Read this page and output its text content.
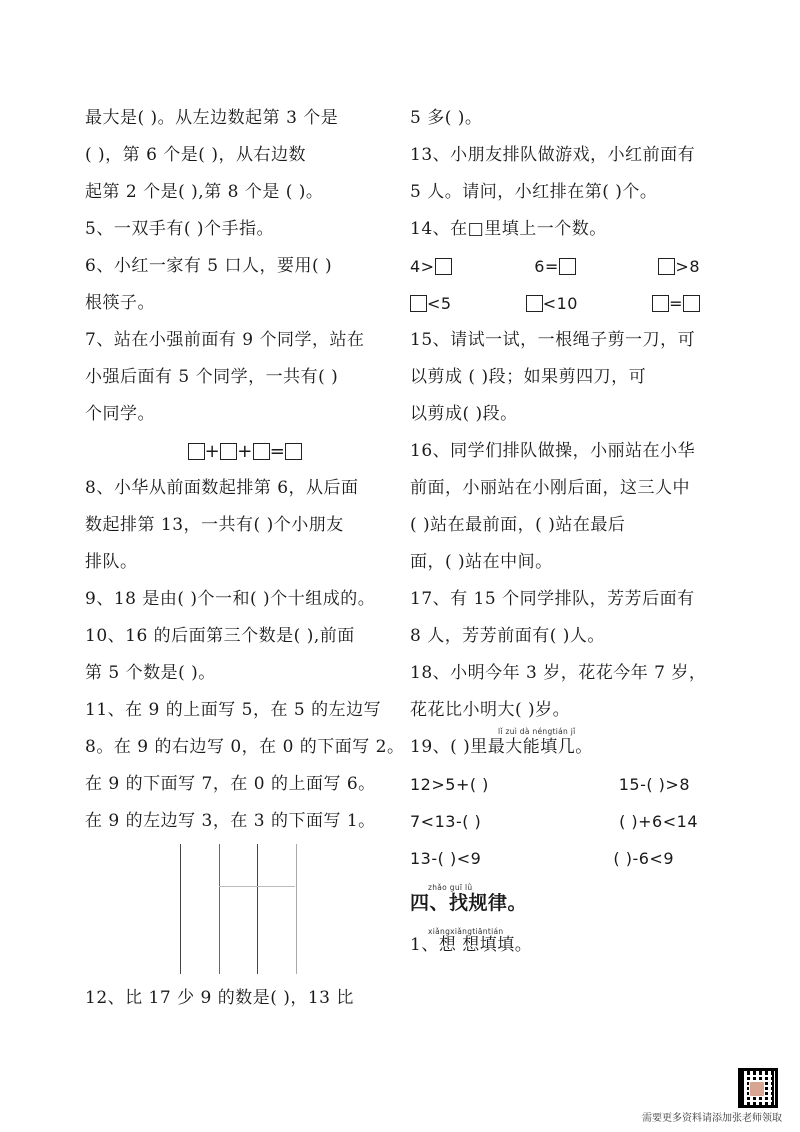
最大是( )。从左边数起第 3 个是
( )，第 6 个是( )，从右边数
起第 2 个是( ),第 8 个是 ( )。
5、一双手有( )个手指。
6、小红一家有 5 口人，要用( )
根筷子。
7、站在小强前面有 9 个同学，站在
小强后面有 5 个同学，一共有( )
个同学。
+ + =
8、小华从前面数起排第 6，从后面
数起排第 13，一共有( )个小朋友
排队。
9、18 是由( )个一和( )个十组成的。
10、16 的后面第三个数是( ),前面
第 5 个数是( )。
11、在 9 的上面写 5，在 5 的左边写
8。在 9 的右边写 0，在 0 的下面写 2。
在 9 的下面写 7，在 0 的上面写 6。
在 9 的左边写 3，在 3 的下面写 1。
12、比 17 少 9 的数是( )，13 比
5 多( )。
13、小朋友排队做游戏，小红前面有
5 人。请问，小红排在第( )个。
14、在□里填上一个数。
4>	6=	>8
<5	<10	=
15、请试一试，一根绳子剪一刀，可
以剪成 ( )段；如果剪四刀，可
以剪成( )段。
16、同学们排队做操，小丽站在小华
前面，小丽站在小刚后面，这三人中
( )站在最前面，( )站在最后
面，( )站在中间。
17、有 15 个同学排队，芳芳后面有
8 人，芳芳前面有( )人。
18、小明今年 3 岁，花花今年 7 岁，
花花比小明大( )岁。
lǐ zuì dà néngtián jǐ
19、( )里最大能填几。
12>5+( )	15-( )>8
7<13-( )	( )+6<14
13-( )<9	( )-6<9
zhǎo guī lǜ
四、找规律。
xiǎngxiǎngtiāntián
1、想 想填填。
需要更多资料请添加张老师领取
